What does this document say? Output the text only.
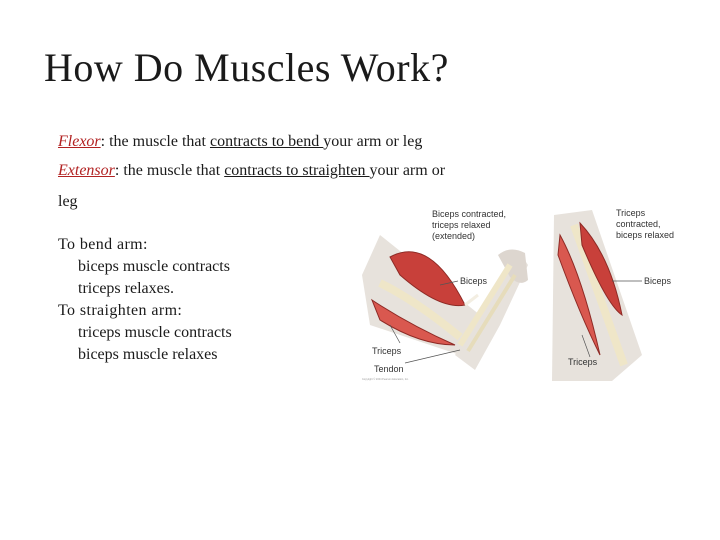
How Do Muscles Work?
Flexor: the muscle that contracts to bend your arm or leg
Extensor: the muscle that contracts to straighten your arm or
leg
To bend arm:
biceps muscle contracts
triceps relaxes.
To straighten arm:
triceps muscle contracts
biceps muscle relaxes
Biceps contracted,
triceps relaxed
(extended)
Biceps
Triceps
Tendon
Copyright © 2004 Pearson Education, Inc.
Triceps
contracted,
biceps relaxed
Biceps
Triceps
